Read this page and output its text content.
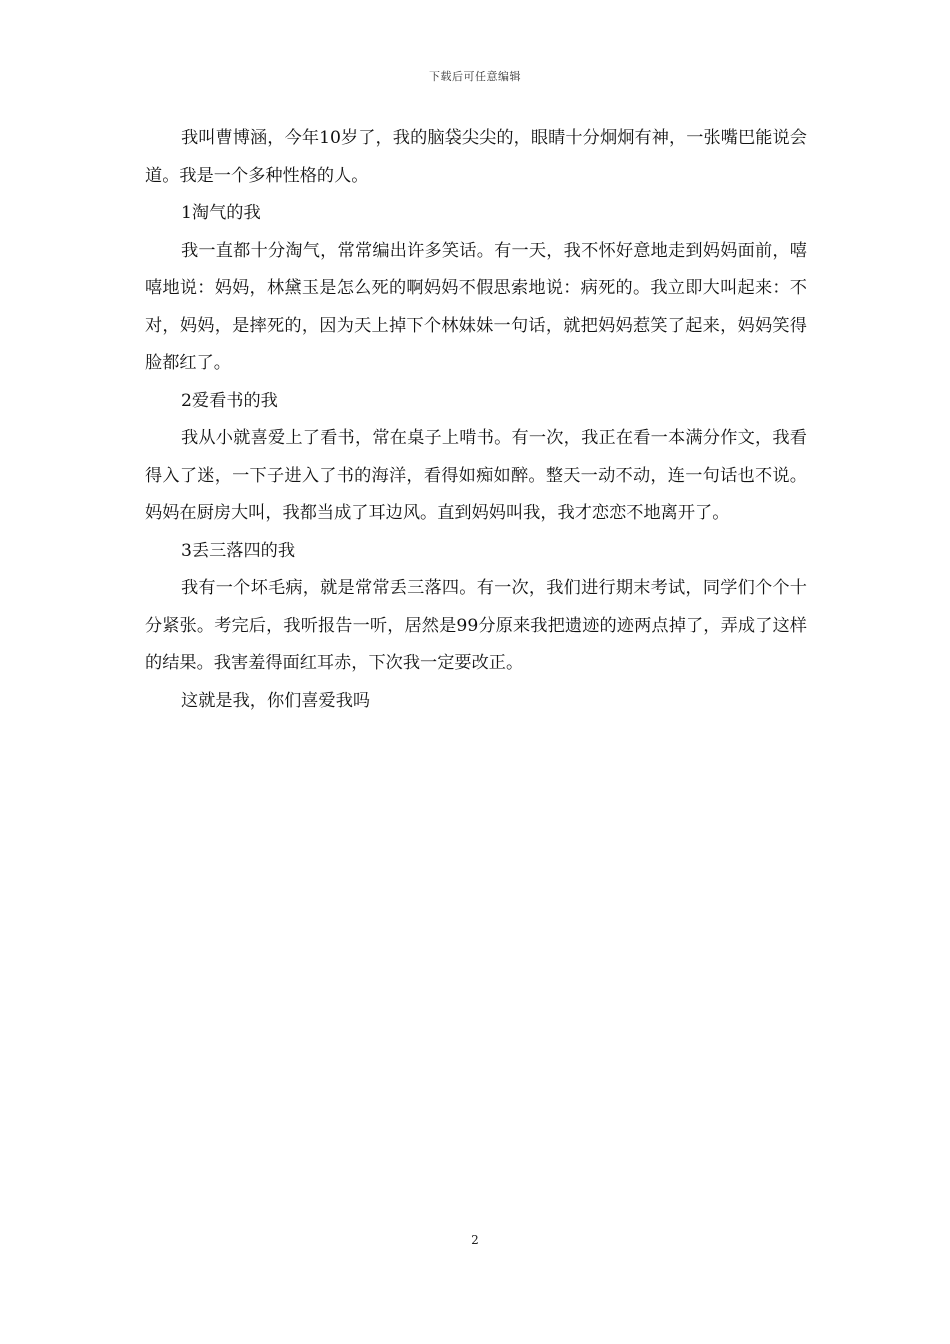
下载后可任意编辑

我叫曹博涵，今年10岁了，我的脑袋尖尖的，眼睛十分炯炯有神，一张嘴巴能说会道。我是一个多种性格的人。

1淘气的我

我一直都十分淘气，常常编出许多笑话。有一天，我不怀好意地走到妈妈面前，嘻嘻地说：妈妈，林黛玉是怎么死的啊妈妈不假思索地说：病死的。我立即大叫起来：不对，妈妈，是摔死的，因为天上掉下个林妹妹一句话，就把妈妈惹笑了起来，妈妈笑得脸都红了。

2爱看书的我

我从小就喜爱上了看书，常在桌子上啃书。有一次，我正在看一本满分作文，我看得入了迷，一下子进入了书的海洋，看得如痴如醉。整天一动不动，连一句话也不说。妈妈在厨房大叫，我都当成了耳边风。直到妈妈叫我，我才恋恋不地离开了。

3丢三落四的我

我有一个坏毛病，就是常常丢三落四。有一次，我们进行期末考试，同学们个个十分紧张。考完后，我听报告一听，居然是99分原来我把遗迹的迹两点掉了，弄成了这样的结果。我害羞得面红耳赤，下次我一定要改正。

这就是我，你们喜爱我吗

2
